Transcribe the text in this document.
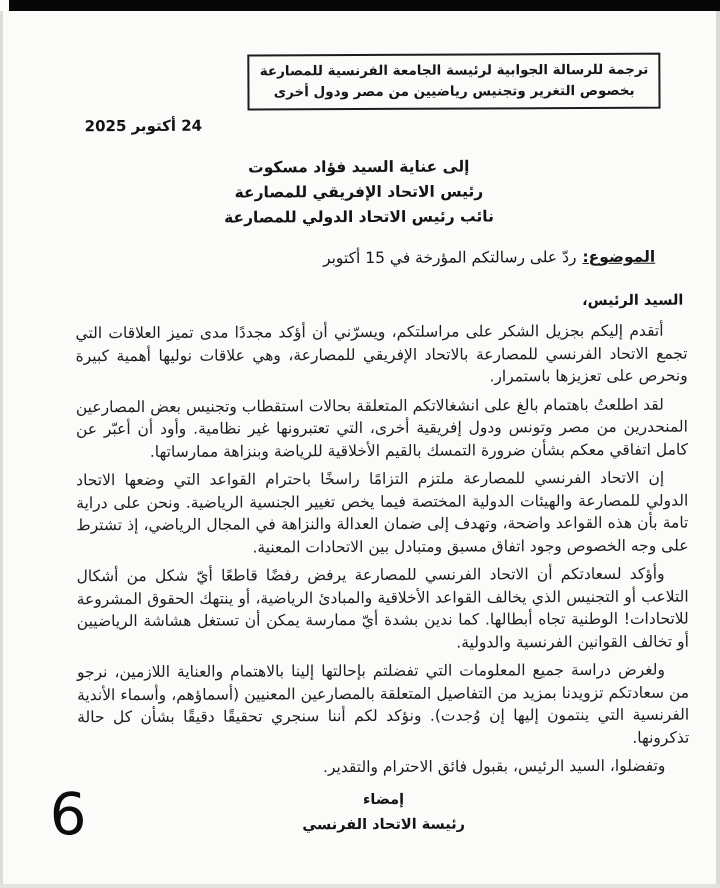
ترجمة للرسالة الجوابية لرئيسة الجامعة الفرنسية للمصارعة
بخصوص التغرير وتجنيس رياضيين من مصر ودول أخرى
24 أكتوبر 2025
إلى عناية السيد فؤاد مسكوت
رئيس الاتحاد الإفريقي للمصارعة
نائب رئيس الاتحاد الدولي للمصارعة
الموضوع:ردّ على رسالتكم المؤرخة في 15 أكتوبر
السيد الرئيس،

أتقدم إليكم بجزيل الشكر على مراسلتكم، ويسرّني أن أؤكد مجددًا مدى تميز العلاقات التي تجمع الاتحاد الفرنسي للمصارعة بالاتحاد الإفريقي للمصارعة، وهي علاقات نوليها أهمية كبيرة ونحرص على تعزيزها باستمرار.

لقد اطلعتُ باهتمام بالغ على انشغالاتكم المتعلقة بحالات استقطاب وتجنيس بعض المصارعين المنحدرين من مصر وتونس ودول إفريقية أخرى، التي تعتبرونها غير نظامية. وأود أن أعبّر عن كامل اتفاقي معكم بشأن ضرورة التمسك بالقيم الأخلاقية للرياضة وبنزاهة ممارساتها.

إن الاتحاد الفرنسي للمصارعة ملتزم التزامًا راسخًا باحترام القواعد التي وضعها الاتحاد الدولي للمصارعة والهيئات الدولية المختصة فيما يخص تغيير الجنسية الرياضية. ونحن على دراية تامة بأن هذه القواعد واضحة، وتهدف إلى ضمان العدالة والنزاهة في المجال الرياضي، إذ تشترط على وجه الخصوص وجود اتفاق مسبق ومتبادل بين الاتحادات المعنية.

وأؤكد لسعادتكم أن الاتحاد الفرنسي للمصارعة يرفض رفضًا قاطعًا أيّ شكل من أشكال التلاعب أو التجنيس الذي يخالف القواعد الأخلاقية والمبادئ الرياضية، أو ينتهك الحقوق المشروعة للاتحادات! الوطنية تجاه أبطالها. كما ندين بشدة أيّ ممارسة يمكن أن تستغل هشاشة الرياضيين أو تخالف القوانين الفرنسية والدولية.

ولغرض دراسة جميع المعلومات التي تفضلتم بإحالتها إلينا بالاهتمام والعناية اللازمين، نرجو من سعادتكم تزويدنا بمزيد من التفاصيل المتعلقة بالمصارعين المعنيين (أسماؤهم، وأسماء الأندية الفرنسية التي ينتمون إليها إن وُجدت). ونؤكد لكم أننا سنجري تحقيقًا دقيقًا بشأن كل حالة تذكرونها.

وتفضلوا، السيد الرئيس، بقبول فائق الاحترام والتقدير.

إمضاء
رئيسة الاتحاد الفرنسي
6
